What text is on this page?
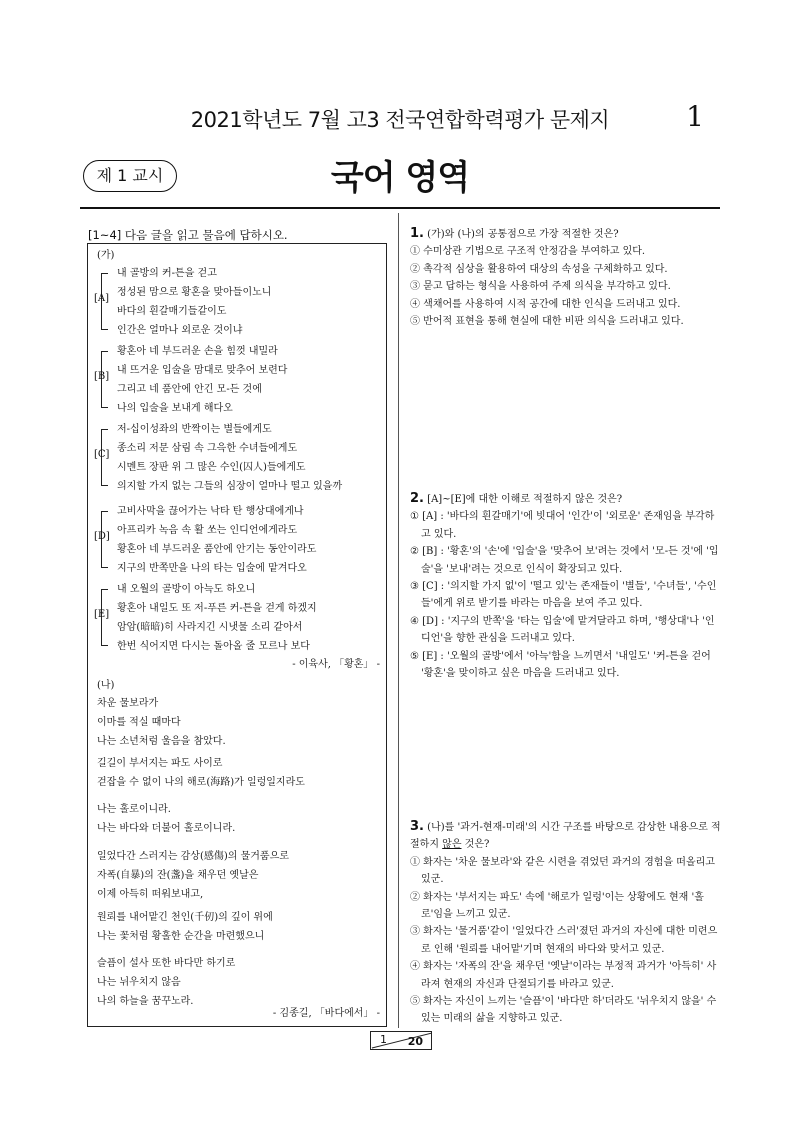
2021학년도 7월 고3 전국연합학력평가 문제지	1
제 1 교시	국어 영역
[1~4] 다음 글을 읽고 물음에 답하시오.
(가)
[A]
내 골방의 커-튼을 걷고
정성된 맘으로 황혼을 맞아들이노니
바다의 흰갈매기들같이도
인간은 얼마나 외로운 것이냐
[B]
황혼아 네 부드러운 손을 힘껏 내밀라
내 뜨거운 입술을 맘대로 맞추어 보련다
그리고 네 품안에 안긴 모-든 것에
나의 입술을 보내게 해다오
[C]
저-십이성좌의 반짝이는 별들에게도
종소리 저문 삼림 속 그윽한 수녀들에게도
시멘트 장판 위 그 많은 수인(囚人)들에게도
의지할 가지 없는 그들의 심장이 얼마나 떨고 있을까
[D]
고비사막을 끊어가는 낙타 탄 행상대에게나
아프리카 녹음 속 활 쏘는 인디언에게라도
황혼아 네 부드러운 품안에 안기는 동안이라도
지구의 반쪽만을 나의 타는 입술에 맡겨다오
[E]
내 오월의 골방이 아늑도 하오니
황혼아 내일도 또 저-푸른 커-튼을 걷게 하겠지
암암(暗暗)히 사라지긴 시냇물 소리 같아서
한번 식어지면 다시는 돌아올 줄 모르나 보다
- 이육사, 「황혼」 -
(나)
차운 물보라가
이마를 적실 때마다
나는 소년처럼 울음을 참았다.
길길이 부서지는 파도 사이로
걷잡을 수 없이 나의 해로(海路)가 일렁일지라도
나는 홀로이니라.
나는 바다와 더불어 홀로이니라.
일었다간 스러지는 감상(感傷)의 물거품으로
자폭(自暴)의 잔(盞)을 채우던 옛날은
이제 아득히 떠워보내고,
원뢰를 내어맡긴 천인(千仞)의 깊이 위에
나는 꽃처럼 황홀한 순간을 마련했으니
슬픔이 설사 또한 바다만 하기로
나는 뉘우치지 않음
나의 하늘을 꿈꾸노라.
- 김종길, 「바다에서」 -

1. (가)와 (나)의 공통점으로 가장 적절한 것은?

① 수미상관 기법으로 구조적 안정감을 부여하고 있다.

② 촉각적 심상을 활용하여 대상의 속성을 구체화하고 있다.

③ 묻고 답하는 형식을 사용하여 주제 의식을 부각하고 있다.

④ 색채어를 사용하여 시적 공간에 대한 인식을 드러내고 있다.

⑤ 반어적 표현을 통해 현실에 대한 비판 의식을 드러내고 있다.

2. [A]~[E]에 대한 이해로 적절하지 않은 것은?

① [A] : '바다의 흰갈매기'에 빗대어 '인간'이 '외로운' 존재임을 부각하고 있다.

② [B] : '황혼'의 '손'에 '입술'을 '맞추어 보'려는 것에서 '모-든 것'에 '입술'을 '보내'려는 것으로 인식이 확장되고 있다.

③ [C] : '의지할 가지 없'이 '떨고 있'는 존재들이 '별들', '수녀들', '수인들'에게 위로 받기를 바라는 마음을 보여 주고 있다.

④ [D] : '지구의 반쪽'을 '타는 입술'에 맡겨달라고 하며, '행상대'나 '인디언'을 향한 관심을 드러내고 있다.

⑤ [E] : '오월의 골방'에서 '아늑'함을 느끼면서 '내일도' '커-튼을 걷어 '황혼'을 맞이하고 싶은 마음을 드러내고 있다.

3. (나)를 '과거-현재-미래'의 시간 구조를 바탕으로 감상한 내용으로 적절하지 않은 것은?

① 화자는 '차운 물보라'와 같은 시련을 겪었던 과거의 경험을 떠올리고 있군.

② 화자는 '부서지는 파도' 속에 '해로가 일렁'이는 상황에도 현재 '홀로'임을 느끼고 있군.

③ 화자는 '물거품'같이 '일었다간 스러'졌던 과거의 자신에 대한 미련으로 인해 '원뢰를 내어맡'기며 현재의 바다와 맞서고 있군.

④ 화자는 '자폭의 잔'을 채우던 '옛날'이라는 부정적 과거가 '아득히' 사라져 현재의 자신과 단절되기를 바라고 있군.

⑤ 화자는 자신이 느끼는 '슬픔'이 '바다만 하'더라도 '뉘우치지 않을' 수 있는 미래의 삶을 지향하고 있군.

1 20
